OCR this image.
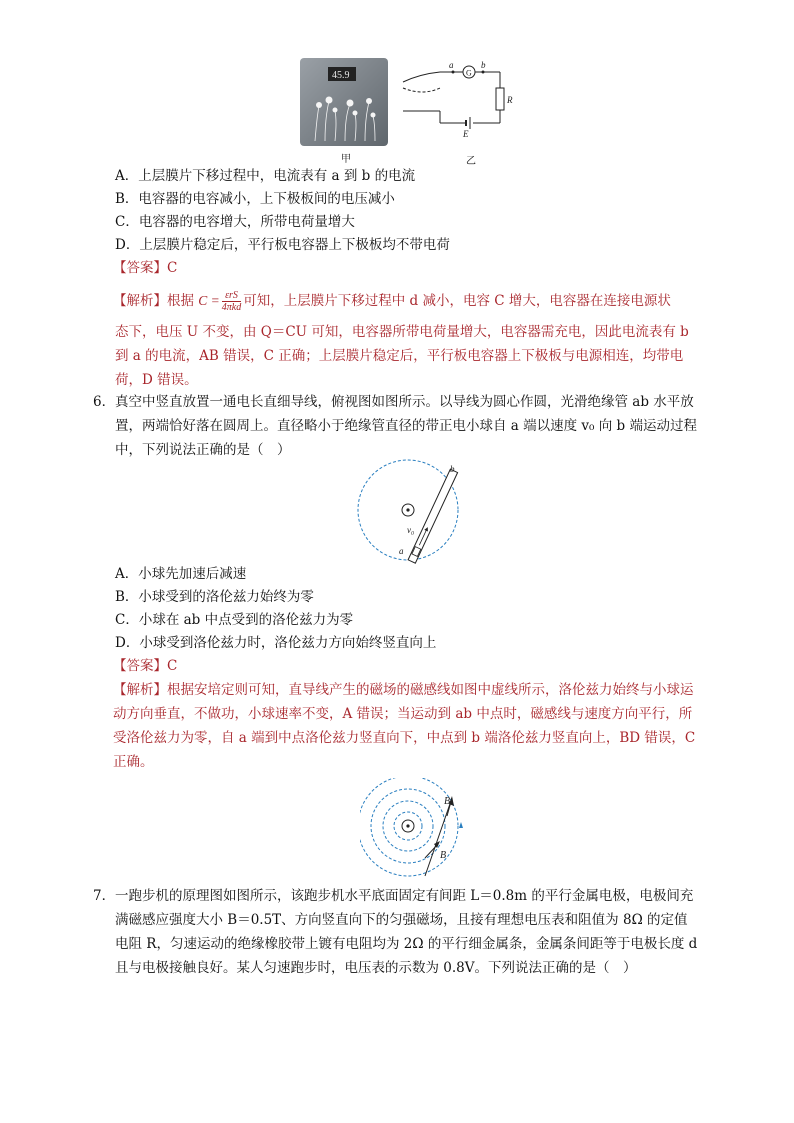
45.9	G
a	b
R
E
甲	乙
A．上层膜片下移过程中，电流表有 a 到 b 的电流
B．电容器的电容减小，上下极板间的电压减小
C．电容器的电容增大，所带电荷量增大
D．上层膜片稳定后，平行板电容器上下极板均不带电荷
【答案】C
【解析】根据 $C = \frac{\text{εrS}}{\text{4πkd}}$ 可知，上层膜片下移过程中 d 减小，电容 C 增大，电容器在连接电源状
态下，电压 U 不变，由 Q＝CU 可知，电容器所带电荷量增大，电容器需充电，因此电流表有 b
到 a 的电流，AB 错误，C 正确；上层膜片稳定后，平行板电容器上下极板与电源相连，均带电
荷，D 错误。
6． 真空中竖直放置一通电长直细导线，俯视图如图所示。以导线为圆心作圆，光滑绝缘管 ab 水平放置，两端恰好落在圆周上。直径略小于绝缘管直径的带正电小球自 a 端以速度 v₀ 向 b 端运动过程中，下列说法正确的是（　）
b
a
v₀
A．小球先加速后减速
B．小球受到的洛伦兹力始终为零
C．小球在 ab 中点受到的洛伦兹力为零
D．小球受到洛伦兹力时，洛伦兹力方向始终竖直向上
【答案】C
【解析】根据安培定则可知，直导线产生的磁场的磁感线如图中虚线所示，洛伦兹力始终与小球运动方向垂直，不做功，小球速率不变，A 错误；当运动到 ab 中点时，磁感线与速度方向平行，所受洛伦兹力为零，自 a 端到中点洛伦兹力竖直向下，中点到 b 端洛伦兹力竖直向上，BD 错误，C 正确。
B
B
7． 一跑步机的原理图如图所示，该跑步机水平底面固定有间距 L＝0.8m 的平行金属电极，电极间充满磁感应强度大小 B＝0.5T、方向竖直向下的匀强磁场，且接有理想电压表和阻值为 8Ω 的定值电阻 R，匀速运动的绝缘橡胶带上镀有电阻均为 2Ω 的平行细金属条，金属条间距等于电极长度 d 且与电极接触良好。某人匀速跑步时，电压表的示数为 0.8V。下列说法正确的是（　）
